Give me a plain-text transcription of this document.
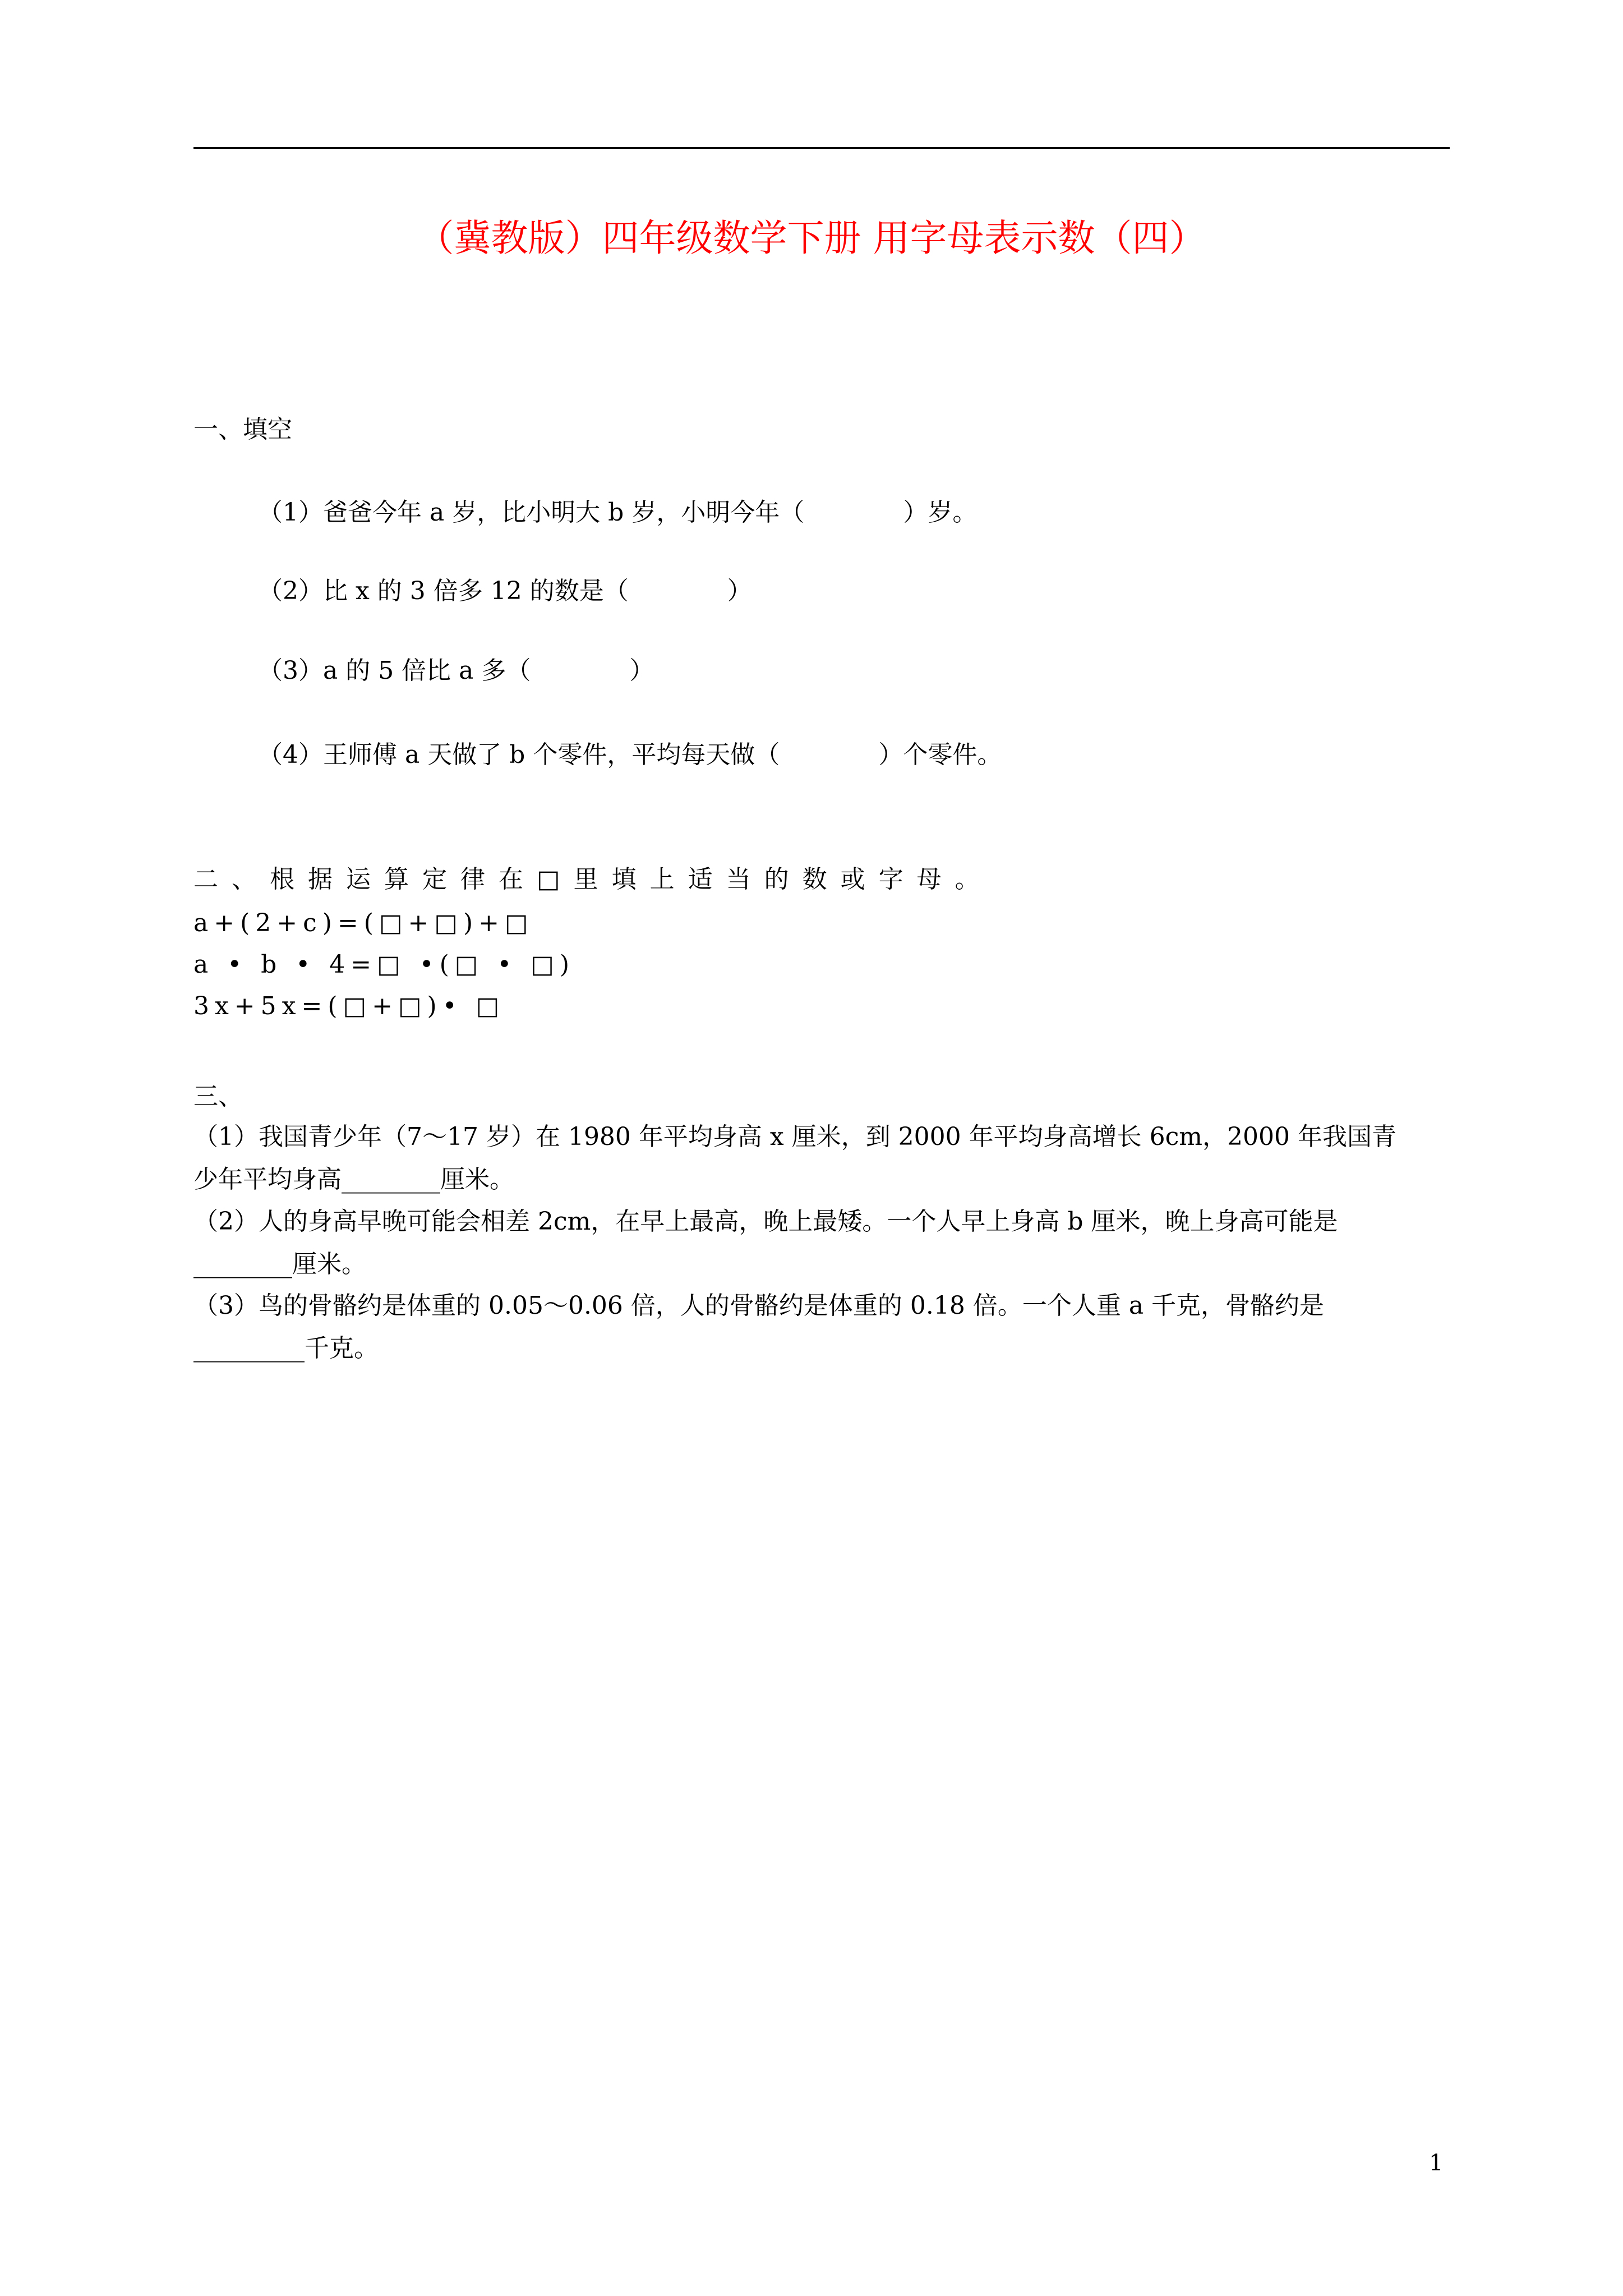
（冀教版）四年级数学下册 用字母表示数（四）
一、填空
（1）爸爸今年 a 岁，比小明大 b 岁，小明今年（　　　　）岁。
（2）比 x 的 3 倍多 12 的数是（　　　　）
（3）a 的 5 倍比 a 多（　　　　）
（4）王师傅 a 天做了 b 个零件，平均每天做（　　　　）个零件。
二、根据运算定律在□里填上适当的数或字母。
a+(2+c)=(□+□)+□
a • b • 4=□ •(□ • □)
3x+5x=(□+□)• □
三、
（1）我国青少年（7～17 岁）在 1980 年平均身高 x 厘米，到 2000 年平均身高增长 6cm，2000 年我国青
少年平均身高________厘米。
（2）人的身高早晚可能会相差 2cm，在早上最高，晚上最矮。一个人早上身高 b 厘米，晚上身高可能是
________厘米。
（3）鸟的骨骼约是体重的 0.05～0.06 倍，人的骨骼约是体重的 0.18 倍。一个人重 a 千克，骨骼约是
_________千克。
1
